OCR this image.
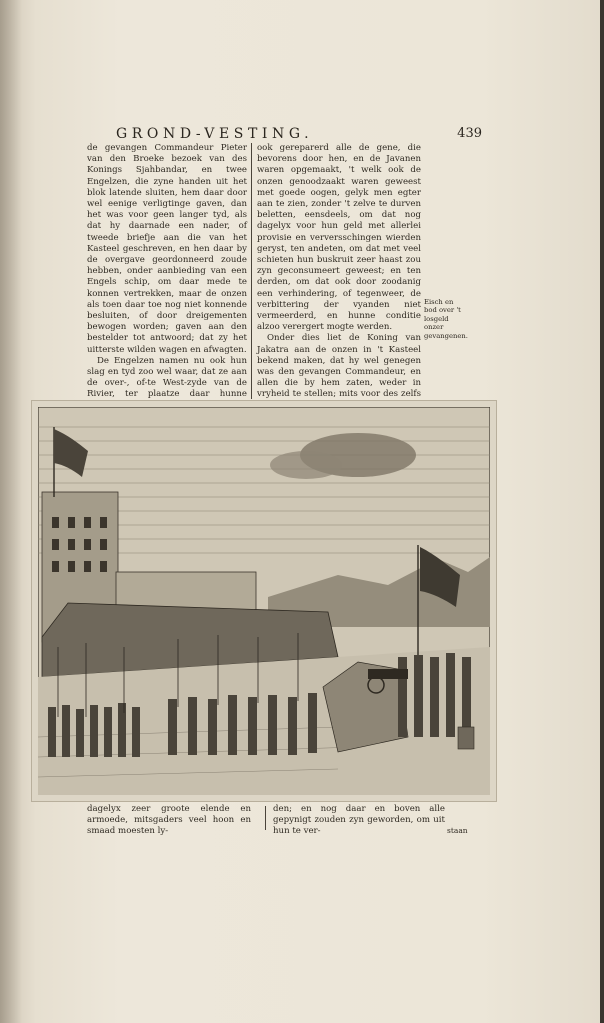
GROND-VESTING.	439

de gevangen Commandeur Pieter van den Broeke bezoek van des Konings Sjahbandar, en twee Engelzen, die zyne handen uit het blok latende sluiten, hem daar door wel eenige verligtinge gaven, dan het was voor geen langer tyd, als dat hy daarnade een nader, of tweede briefje aan die van het Kasteel geschreven, en hen daar by de overgave geordonneerd zoude hebben, onder aanbieding van een Engels schip, om daar mede te konnen vertrekken, maar de onzen als toen daar toe nog niet konnende besluiten, of door dreigementen bewogen worden; gaven aan den bestelder tot antwoord; dat zy het uitterste wilden wagen en afwagten.

De Engelzen namen nu ook hun slag en tyd zoo wel waar, dat ze aan de over-, of-te West-zyde van de Rivier, ter plaatze daar hunne

ook gereparerd alle de gene, die bevorens door hen, en de Javanen waren opgemaakt, 't welk ook de onzen genoodzaakt waren geweest met goede oogen, gelyk men egter aan te zien, zonder 't zelve te durven beletten, eensdeels, om dat nog dagelyx voor hun geld met allerlei provisie en verversschingen wierden geryst, ten andeten, om dat met veel schieten hun buskruit zeer haast zou zyn geconsumeert geweest; en ten derden, om dat ook door zoodanig een verhindering, of tegenweer, de verbittering der vyanden niet vermeerderd, en hunne conditie alzoo verergert mogte werden.

Onder dies liet de Koning van Jakatra aan de onzen in 't Kasteel bekend maken, dat hy wel genegen was den gevangen Commandeur, en allen die by hem zaten, weder in vryheid te stellen; mits voor des zelfs

Eisch en bod over 't losgeld onzer gevangenen.

dagelyx zeer groote elende en armoede, mitsgaders veel hoon en smaad moesten ly-

den; en nog daar en boven alle gepynigt zouden zyn geworden, om uit hun te ver-	staan
